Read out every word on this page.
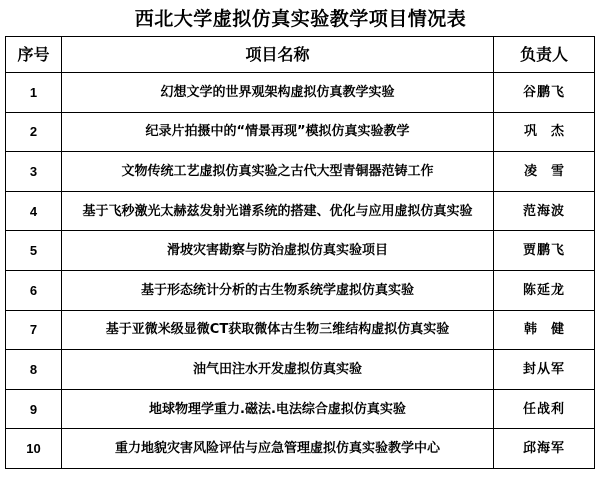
西北大学虚拟仿真实验教学项目情况表
序号	项目名称	负责人
1	幻想文学的世界观架构虚拟仿真教学实验	谷鹏飞
2	纪录片拍摄中的“情景再现”模拟仿真实验教学	巩杰
3	文物传统工艺虚拟仿真实验之古代大型青铜器范铸工作	凌雪
4	基于飞秒激光太赫兹发射光谱系统的搭建、优化与应用虚拟仿真实验	范海波
5	滑坡灾害勘察与防治虚拟仿真实验项目	贾鹏飞
6	基于形态统计分析的古生物系统学虚拟仿真实验	陈延龙
7	基于亚微米级显微CT获取微体古生物三维结构虚拟仿真实验	韩健
8	油气田注水开发虚拟仿真实验	封从军
9	地球物理学重力.磁法.电法综合虚拟仿真实验	任战利
10	重力地貌灾害风险评估与应急管理虚拟仿真实验教学中心	邱海军
